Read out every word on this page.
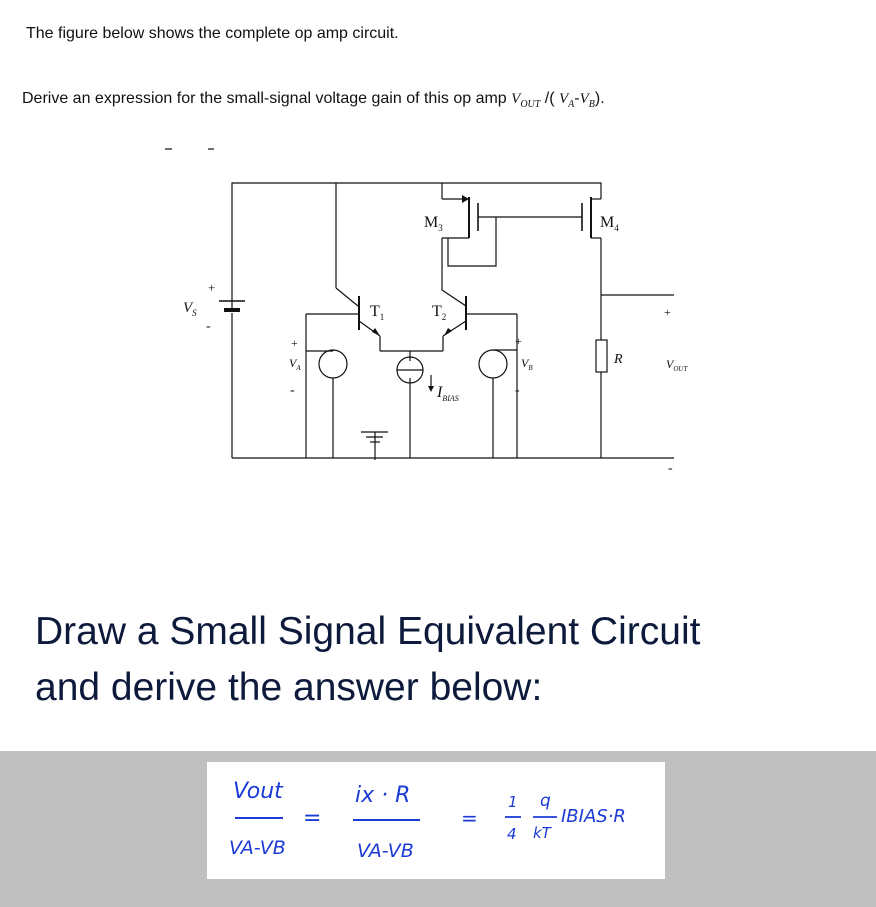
The figure below shows the complete op amp circuit.
Derive an expression for the small-signal voltage gain of this op amp $V_{OUT}$ /( $V_A-V_B$).
$V_S$
+
-
$V_A$
+
-
$V_B$
+
-
$M_3$	$M_4$
$T_1$	$T_2$
$I_{BIAS}$
R	$V_{OUT}$
+
-
Draw a Small Signal Equivalent Circuit
and derive the answer below:
Vout
VA-VB
=
ix · R
VA-VB
=
1
4
q
kT
IBIAS·R
